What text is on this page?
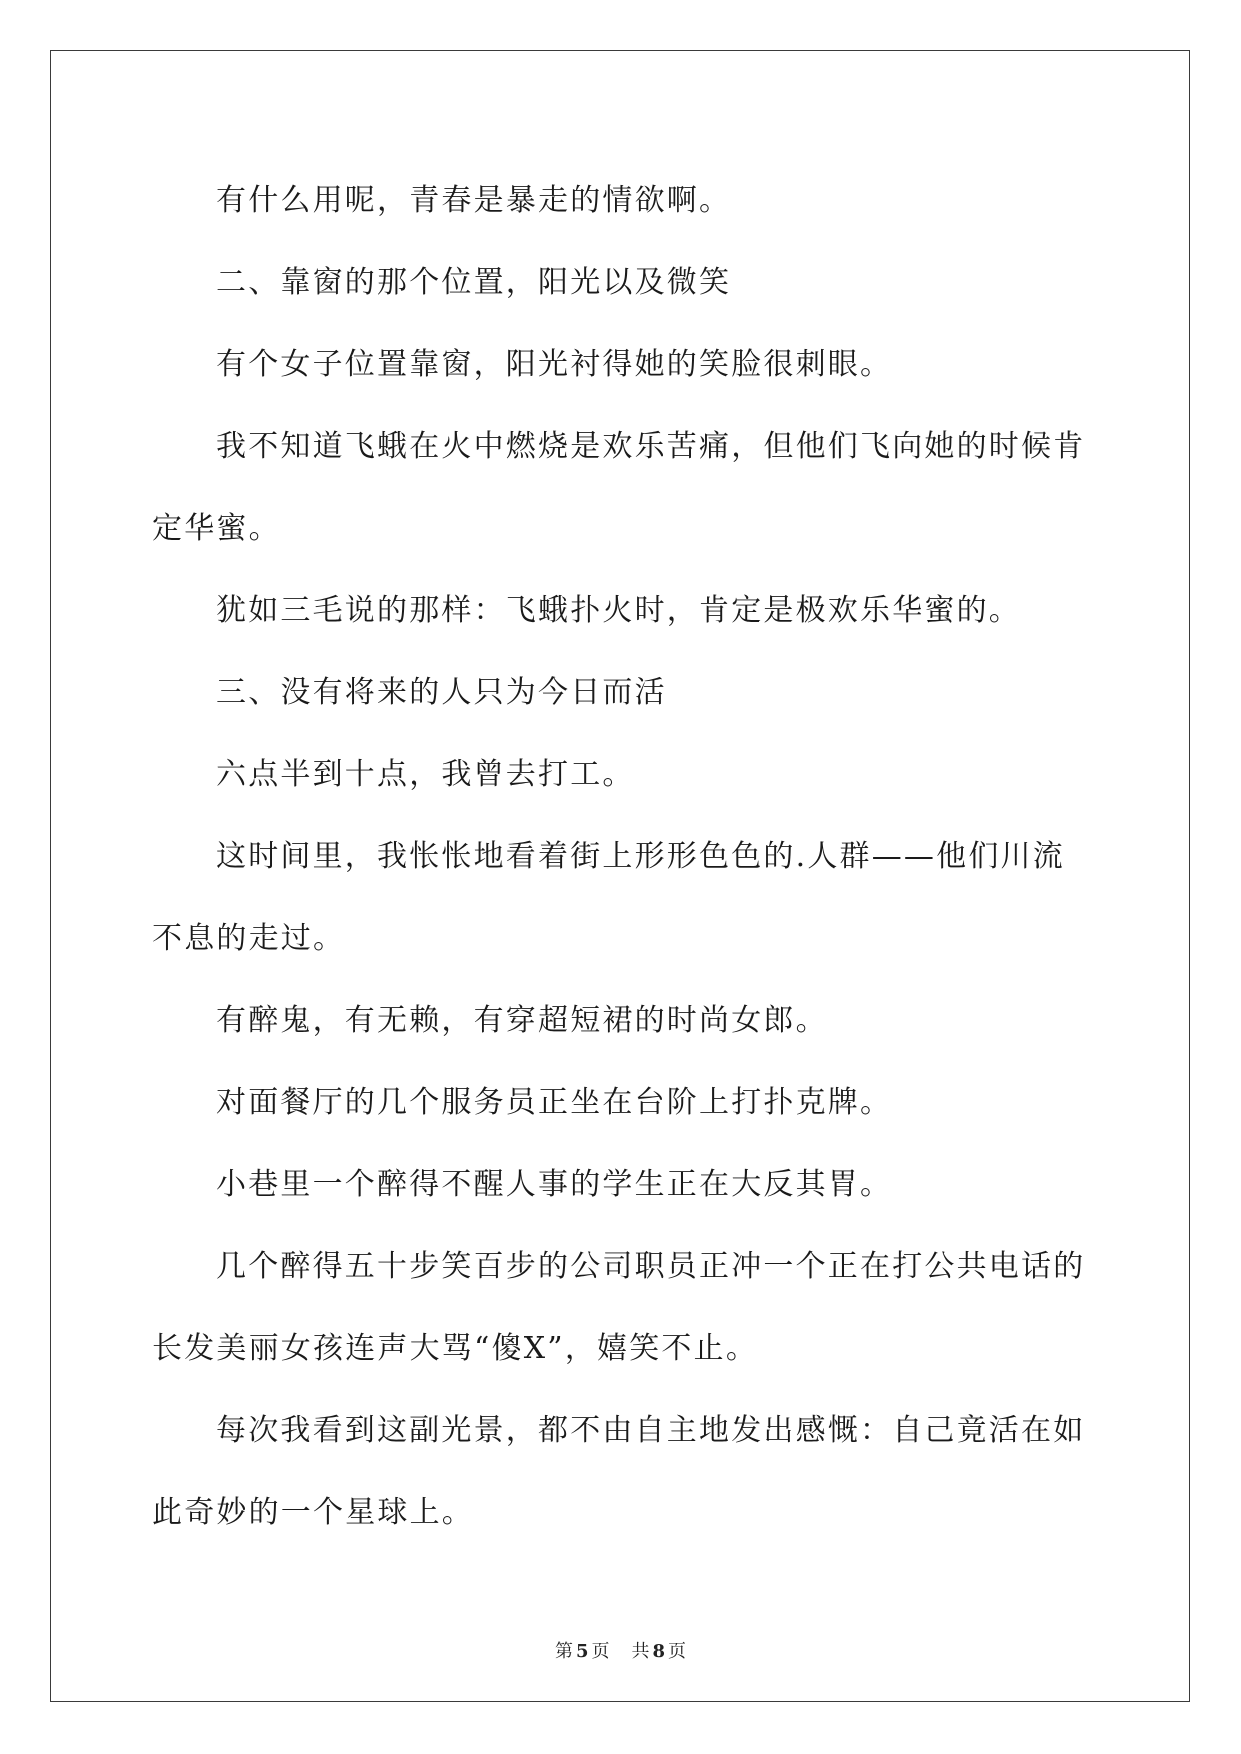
有什么用呢，青春是暴走的情欲啊。

二、靠窗的那个位置，阳光以及微笑

有个女子位置靠窗，阳光衬得她的笑脸很刺眼。

我不知道飞蛾在火中燃烧是欢乐苦痛，但他们飞向她的时候肯定华蜜。

犹如三毛说的那样：飞蛾扑火时，肯定是极欢乐华蜜的。

三、没有将来的人只为今日而活

六点半到十点，我曾去打工。

这时间里，我怅怅地看着街上形形色色的.人群——他们川流不息的走过。

有醉鬼，有无赖，有穿超短裙的时尚女郎。

对面餐厅的几个服务员正坐在台阶上打扑克牌。

小巷里一个醉得不醒人事的学生正在大反其胃。

几个醉得五十步笑百步的公司职员正冲一个正在打公共电话的长发美丽女孩连声大骂“傻X”，嬉笑不止。

每次我看到这副光景，都不由自主地发出感慨：自己竟活在如此奇妙的一个星球上。

第 5 页 共 8 页
